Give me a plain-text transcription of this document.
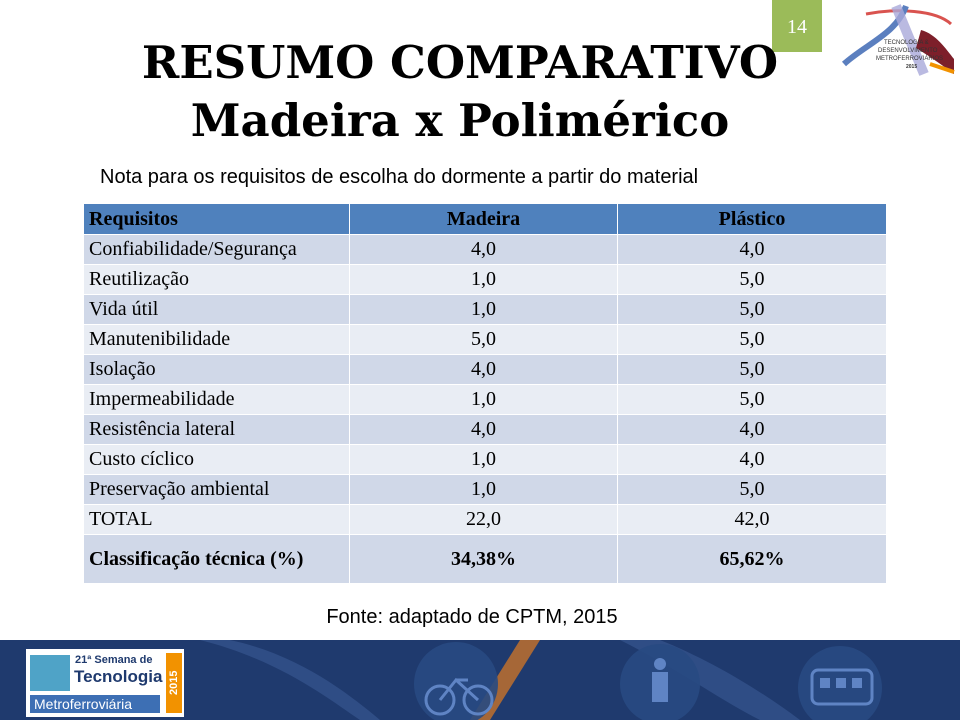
14
TECNOLOGIA &
DESENVOLVIMENTO
METROFERROVIÁRIOS
2015
RESUMO COMPARATIVO
Madeira x Polimérico
Nota para os requisitos de escolha do dormente a partir do material
Requisitos	Madeira	Plástico
Confiabilidade/Segurança	4,0	4,0
Reutilização	1,0	5,0
Vida útil	1,0	5,0
Manutenibilidade	5,0	5,0
Isolação	4,0	5,0
Impermeabilidade	1,0	5,0
Resistência lateral	4,0	4,0
Custo cíclico	1,0	4,0
Preservação ambiental	1,0	5,0
TOTAL	22,0	42,0
Classificação técnica (%)	34,38%	65,62%
Fonte: adaptado de CPTM, 2015
21ª Semana de
Tecnologia
Metroferroviária
2015
